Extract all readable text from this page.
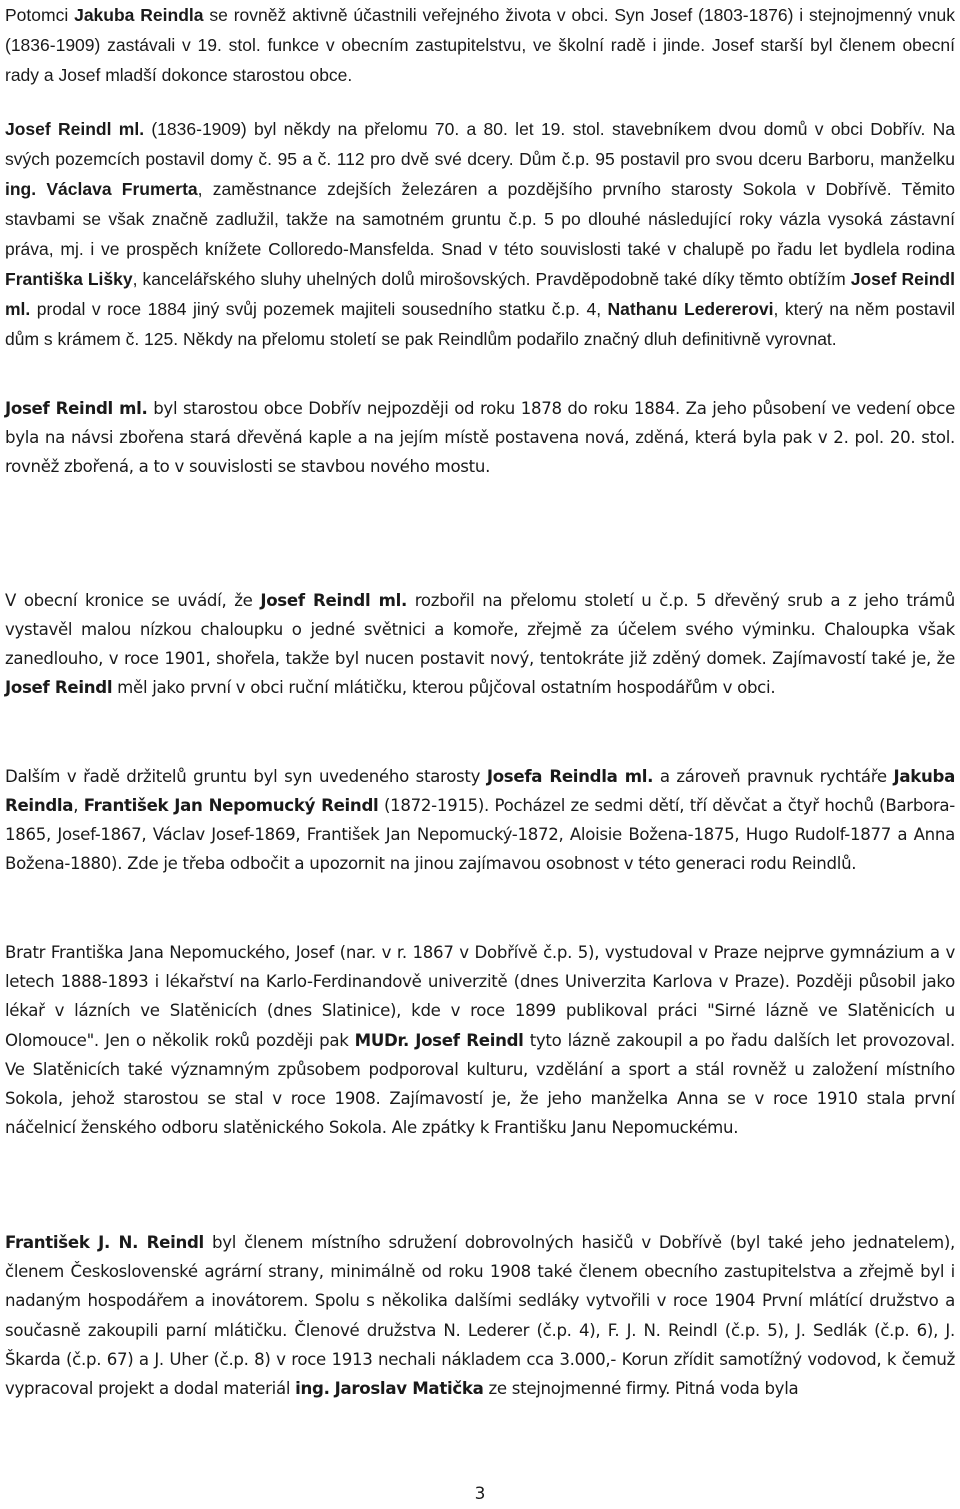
Potomci Jakuba Reindla se rovněž aktivně účastnili veřejného života v obci. Syn Josef (1803-1876) i stejnojmenný vnuk (1836-1909) zastávali v 19. stol. funkce v obecním zastupitelstvu, ve školní radě i jinde. Josef starší byl členem obecní rady a Josef mladší dokonce starostou obce.

Josef Reindl ml. (1836-1909) byl někdy na přelomu 70. a 80. let 19. stol. stavebníkem dvou domů v obci Dobřív. Na svých pozemcích postavil domy č. 95 a č. 112 pro dvě své dcery. Dům č.p. 95 postavil pro svou dceru Barboru, manželku ing. Václava Frumerta, zaměstnance zdejších železáren a pozdějšího prvního starosty Sokola v Dobřívě. Těmito stavbami se však značně zadlužil, takže na samotném gruntu č.p. 5 po dlouhé následující roky vázla vysoká zástavní práva, mj. i ve prospěch knížete Colloredo-Mansfelda. Snad v této souvislosti také v chalupě po řadu let bydlela rodina Františka Lišky, kancelářského sluhy uhelných dolů mirošovských. Pravděpodobně také díky těmto obtížím Josef Reindl ml. prodal v roce 1884 jiný svůj pozemek majiteli sousedního statku č.p. 4, Nathanu Ledererovi, který na něm postavil dům s krámem č. 125. Někdy na přelomu století se pak Reindlům podařilo značný dluh definitivně vyrovnat.

Josef Reindl ml. byl starostou obce Dobřív nejpozději od roku 1878 do roku 1884. Za jeho působení ve vedení obce byla na návsi zbořena stará dřevěná kaple a na jejím místě postavena nová, zděná, která byla pak v 2. pol. 20. stol. rovněž zbořená, a to v souvislosti se stavbou nového mostu.

V obecní kronice se uvádí, že Josef Reindl ml. rozbořil na přelomu století u č.p. 5 dřevěný srub a z jeho trámů vystavěl malou nízkou chaloupku o jedné světnici a komoře, zřejmě za účelem svého výminku. Chaloupka však zanedlouho, v roce 1901, shořela, takže byl nucen postavit nový, tentokráte již zděný domek. Zajímavostí také je, že Josef Reindl měl jako první v obci ruční mlátičku, kterou půjčoval ostatním hospodářům v obci.

Dalším v řadě držitelů gruntu byl syn uvedeného starosty Josefa Reindla ml. a zároveň pravnuk rychtáře Jakuba Reindla, František Jan Nepomucký Reindl (1872-1915). Pocházel ze sedmi dětí, tří děvčat a čtyř hochů (Barbora-1865, Josef-1867, Václav Josef-1869, František Jan Nepomucký-1872, Aloisie Božena-1875, Hugo Rudolf-1877 a Anna Božena-1880). Zde je třeba odbočit a upozornit na jinou zajímavou osobnost v této generaci rodu Reindlů.

Bratr Františka Jana Nepomuckého, Josef (nar. v r. 1867 v Dobřívě č.p. 5), vystudoval v Praze nejprve gymnázium a v letech 1888-1893 i lékařství na Karlo-Ferdinandově univerzitě (dnes Univerzita Karlova v Praze). Později působil jako lékař v lázních ve Slatěnicích (dnes Slatinice), kde v roce 1899 publikoval práci "Sirné lázně ve Slatěnicích u Olomouce". Jen o několik roků později pak MUDr. Josef Reindl tyto lázně zakoupil a po řadu dalších let provozoval. Ve Slatěnicích také významným způsobem podporoval kulturu, vzdělání a sport a stál rovněž u založení místního Sokola, jehož starostou se stal v roce 1908. Zajímavostí je, že jeho manželka Anna se v roce 1910 stala první náčelnicí ženského odboru slatěnického Sokola. Ale zpátky k Františku Janu Nepomuckému.

František J. N. Reindl byl členem místního sdružení dobrovolných hasičů v Dobřívě (byl také jeho jednatelem), členem Československé agrární strany, minimálně od roku 1908 také členem obecního zastupitelstva a zřejmě byl i nadaným hospodářem a inovátorem. Spolu s několika dalšími sedláky vytvořili v roce 1904 První mlátící družstvo a současně zakoupili parní mlátičku. Členové družstva N. Lederer (č.p. 4), F. J. N. Reindl (č.p. 5), J. Sedlák (č.p. 6), J. Škarda (č.p. 67) a J. Uher (č.p. 8) v roce 1913 nechali nákladem cca 3.000,- Korun zřídit samotížný vodovod, k čemuž vypracoval projekt a dodal materiál ing. Jaroslav Matička ze stejnojmenné firmy. Pitná voda byla

3
